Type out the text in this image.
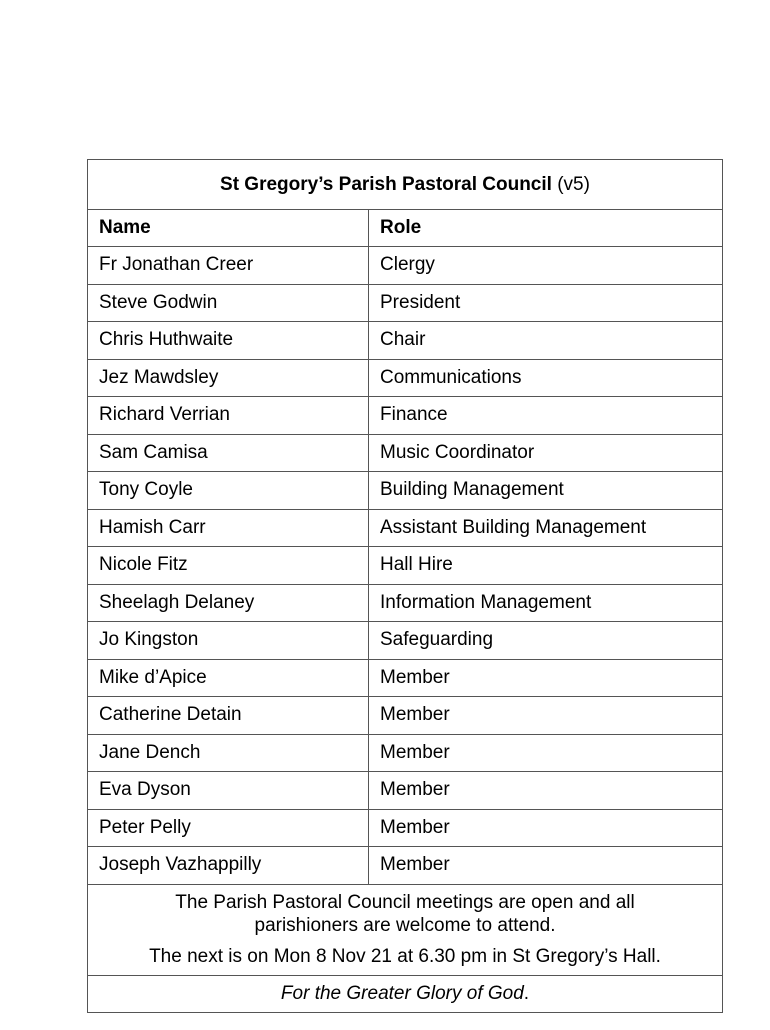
St Gregory’s Parish Pastoral Council (v5)	
Name	Role
Fr Jonathan Creer	Clergy
Steve Godwin	President
Chris Huthwaite	Chair
Jez Mawdsley	Communications
Richard Verrian	Finance
Sam Camisa	Music Coordinator
Tony Coyle	Building Management
Hamish Carr	Assistant Building Management
Nicole Fitz	Hall Hire
Sheelagh Delaney	Information Management
Jo Kingston	Safeguarding
Mike d’Apice	Member
Catherine Detain	Member
Jane Dench	Member
Eva Dyson	Member
Peter Pelly	Member
Joseph Vazhappilly	Member

The Parish Pastoral Council meetings are open and all
parishioners are welcome to attend.
The next is on Mon 8 Nov 21 at 6.30 pm in St Gregory’s Hall.	

For the Greater Glory of God.	
